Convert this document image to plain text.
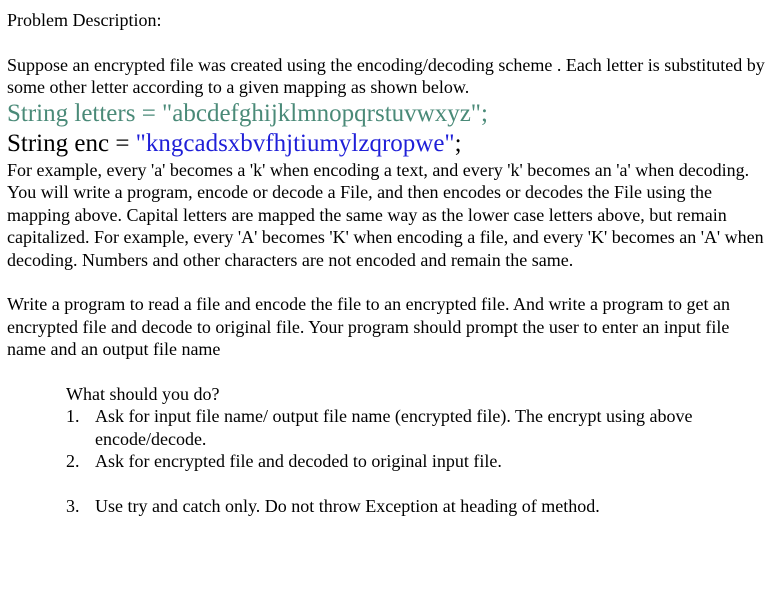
Problem Description:

Suppose an encrypted file was created using the encoding/decoding scheme . Each letter is substituted by some other letter according to a given mapping as shown below.

String letters = "abcdefghijklmnopqrstuvwxyz";

String enc = "kngcadsxbvfhjtiumylzqropwe";

For example, every 'a' becomes a 'k' when encoding a text, and every 'k' becomes an 'a' when decoding. You will write a program, encode or decode a File, and then encodes or decodes the File using the mapping above. Capital letters are mapped the same way as the lower case letters above, but remain capitalized. For example, every 'A' becomes 'K' when encoding a file, and every 'K' becomes an 'A' when decoding. Numbers and other characters are not encoded and remain the same.

Write a program to read a file and encode the file to an encrypted file. And write a program to get an encrypted file and decode to original file. Your program should prompt the user to enter an input file name and an output file name

What should you do?

1. Ask for input file name/ output file name (encrypted file). The encrypt using above encode/decode.
2. Ask for encrypted file and decoded to original input file.
3. Use try and catch only. Do not throw Exception at heading of method.
